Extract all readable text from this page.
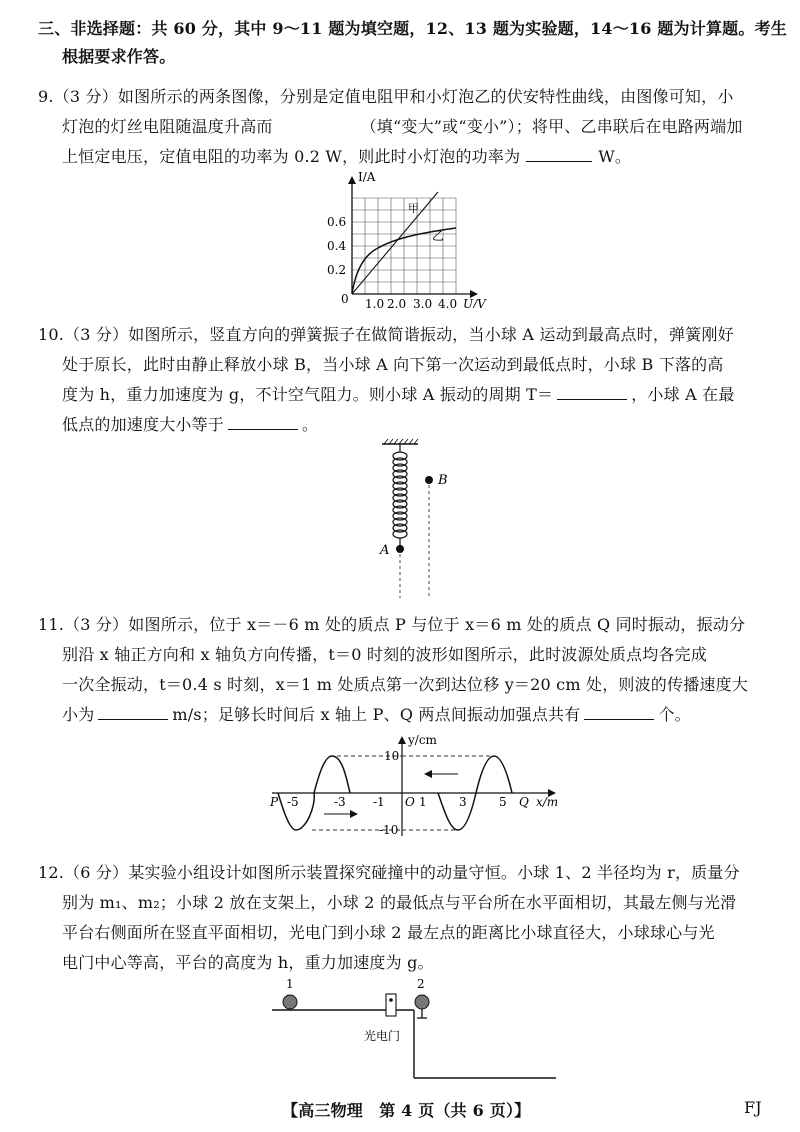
三、非选择题：共 60 分，其中 9～11 题为填空题，12、13 题为实验题，14～16 题为计算题。考生
根据要求作答。
9.（3 分）如图所示的两条图像，分别是定值电阻甲和小灯泡乙的伏安特性曲线，由图像可知，小
灯泡的灯丝电阻随温度升高而	（填“变大”或“变小”）；将甲、乙串联后在电路两端加
上恒定电压，定值电阻的功率为 0.2 W，则此时小灯泡的功率为	W。
I/A
U/V
0
0.2
0.4
0.6
1.0 2.0 3.0 4.0
甲
乙
10.（3 分）如图所示，竖直方向的弹簧振子在做简谐振动，当小球 A 运动到最高点时，弹簧刚好
处于原长，此时由静止释放小球 B，当小球 A 向下第一次运动到最低点时，小球 B 下落的高
度为 h，重力加速度为 g，不计空气阻力。则小球 A 振动的周期 T＝	，小球 A 在最
低点的加速度大小等于	。
A
B
11.（3 分）如图所示，位于 x＝－6 m 处的质点 P 与位于 x＝6 m 处的质点 Q 同时振动，振动分
别沿 x 轴正方向和 x 轴负方向传播，t＝0 时刻的波形如图所示，此时波源处质点均各完成
一次全振动，t＝0.4 s 时刻，x＝1 m 处质点第一次到达位移 y＝20 cm 处，则波的传播速度大
小为	m/s；足够长时间后 x 轴上 P、Q 两点间振动加强点共有	个。
y/cm
x/m
10
-10
P -5	-3 -1 O 1	3	5 Q
12.（6 分）某实验小组设计如图所示装置探究碰撞中的动量守恒。小球 1、2 半径均为 r，质量分
别为 m₁、m₂；小球 2 放在支架上，小球 2 的最低点与平台所在水平面相切，其最左侧与光滑
平台右侧面所在竖直平面相切，光电门到小球 2 最左点的距离比小球直径大，小球球心与光
电门中心等高，平台的高度为 h，重力加速度为 g。
1	2
光电门
【高三物理　第 4 页（共 6 页）】	FJ
